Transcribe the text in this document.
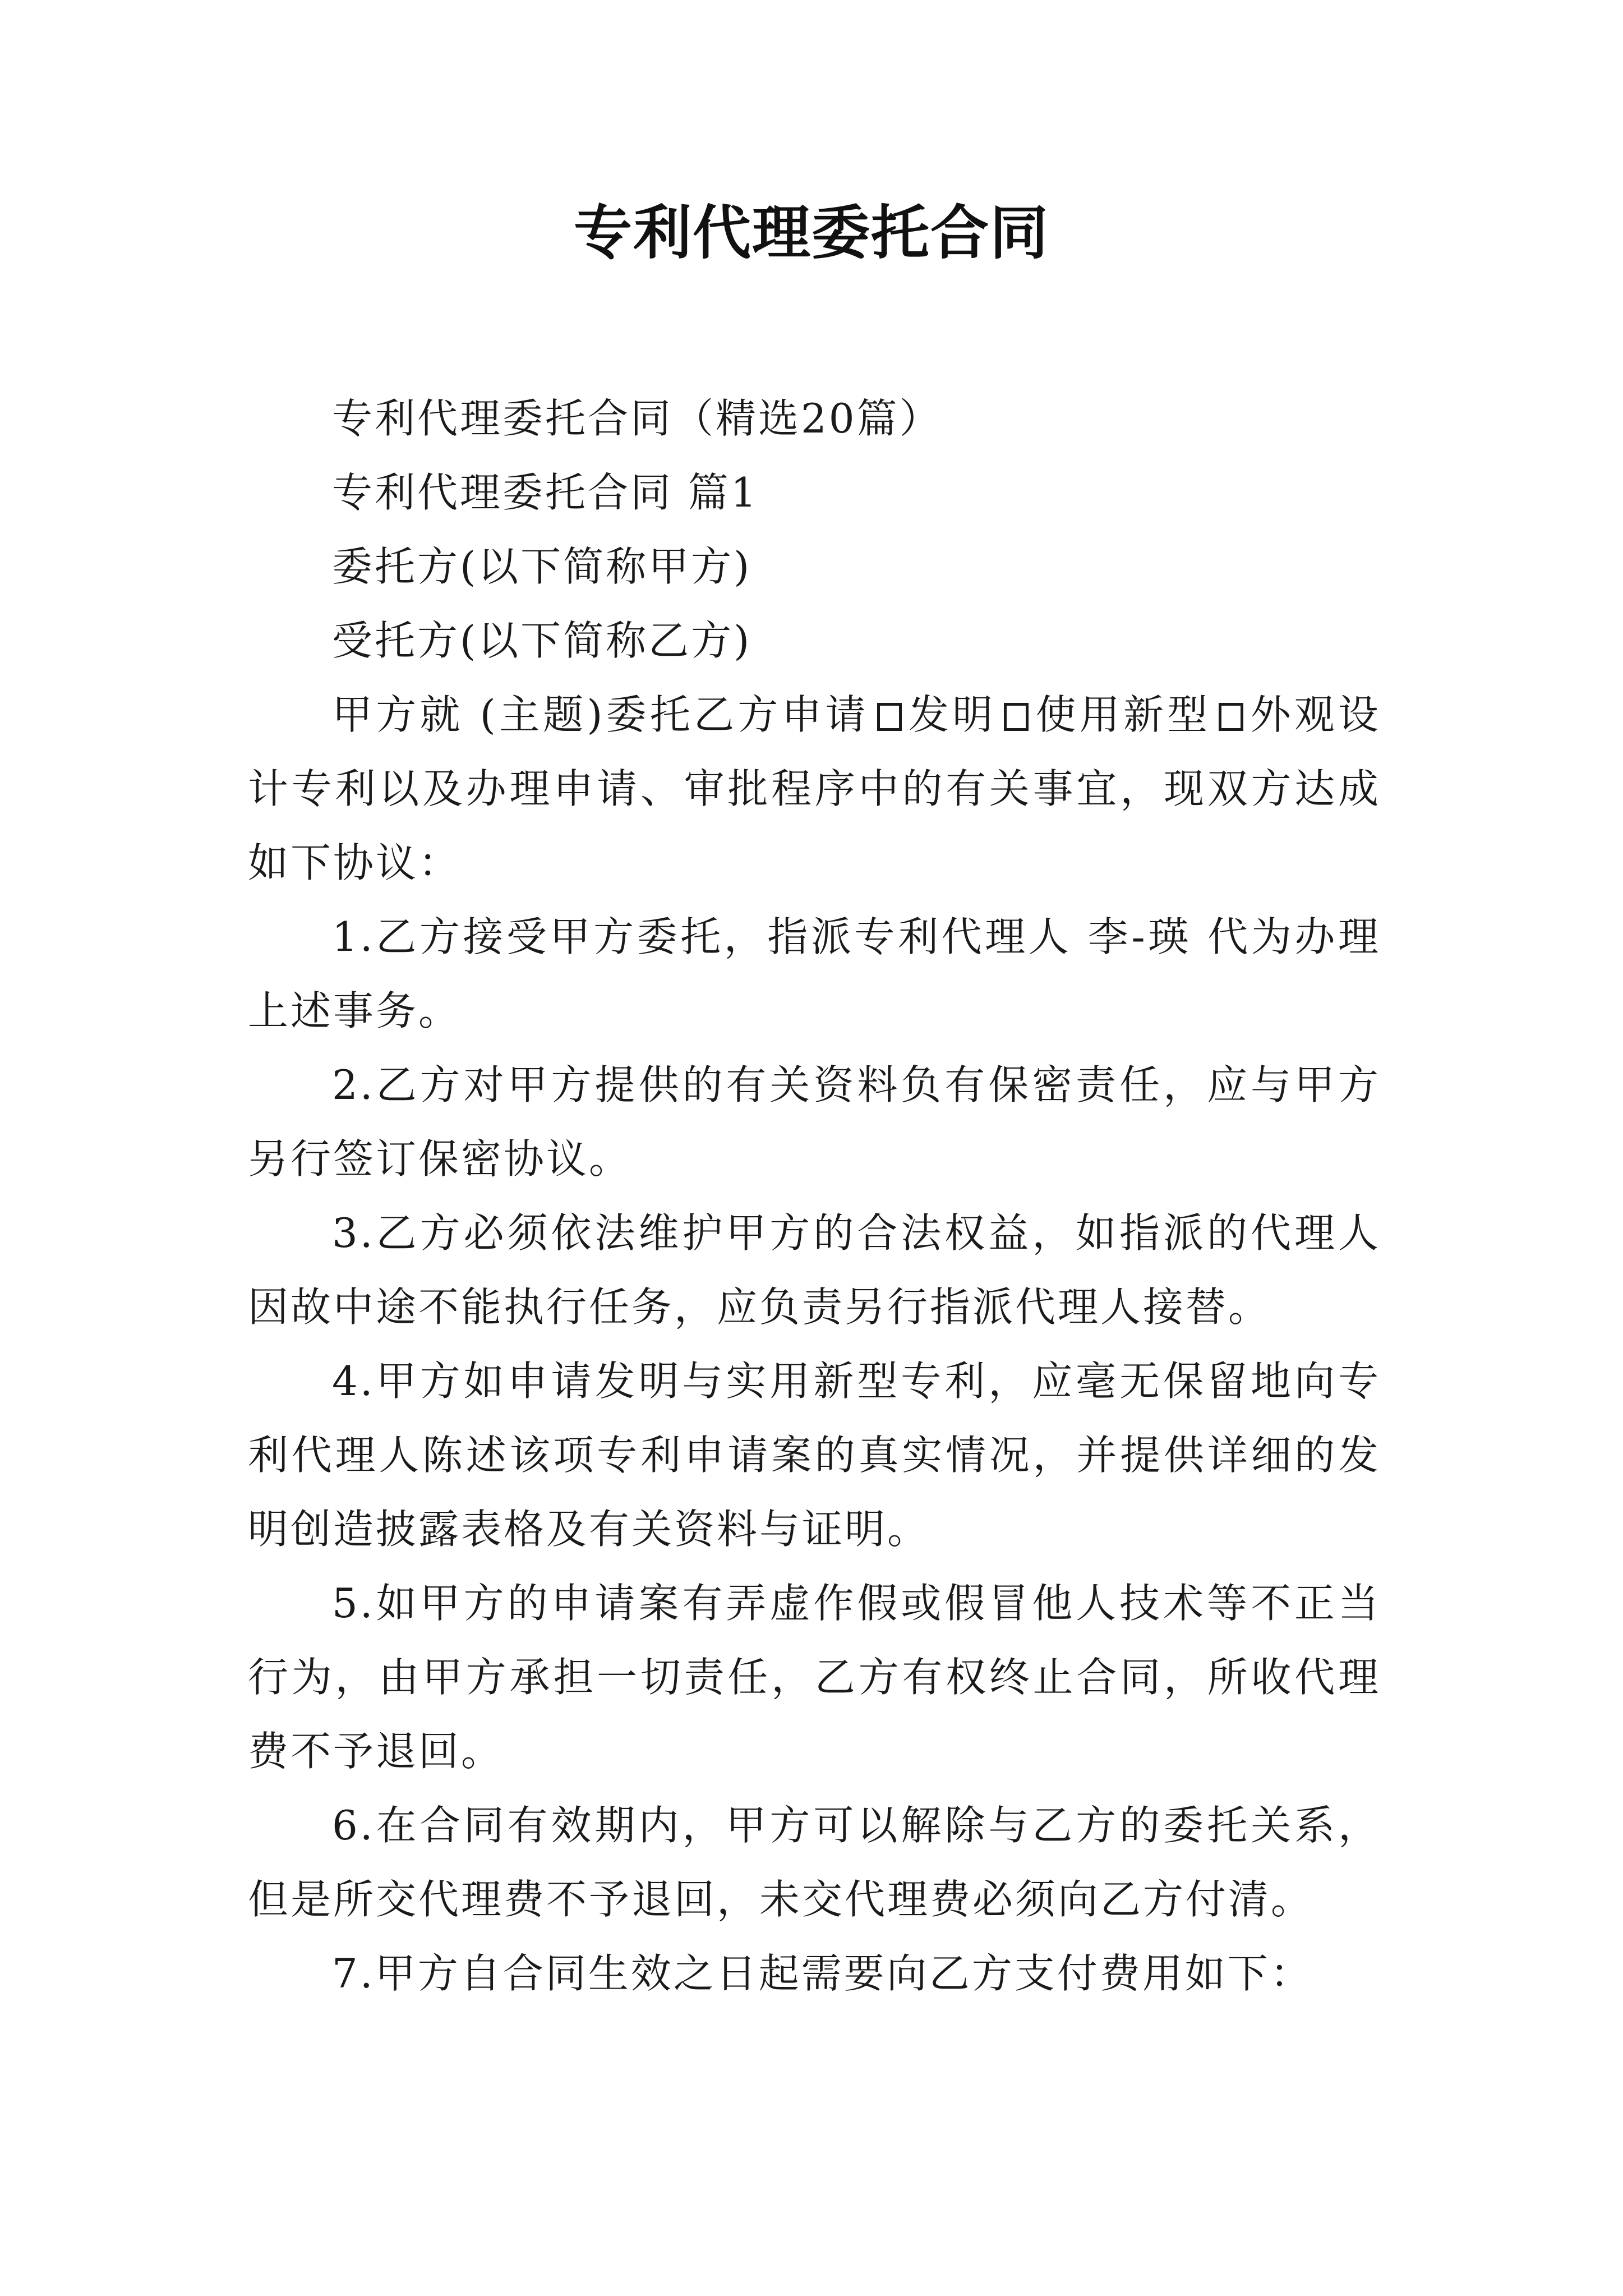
专利代理委托合同

专利代理委托合同（精选20篇）

专利代理委托合同 篇1

委托方(以下简称甲方)

受托方(以下简称乙方)

甲方就 (主题)委托乙方申请 发明 使用新型 外观设计专利以及办理申请、审批程序中的有关事宜，现双方达成如下协议：

1.乙方接受甲方委托，指派专利代理人 李-瑛 代为办理上述事务。

2.乙方对甲方提供的有关资料负有保密责任，应与甲方另行签订保密协议。

3.乙方必须依法维护甲方的合法权益，如指派的代理人因故中途不能执行任务，应负责另行指派代理人接替。

4.甲方如申请发明与实用新型专利，应毫无保留地向专利代理人陈述该项专利申请案的真实情况，并提供详细的发明创造披露表格及有关资料与证明。

5.如甲方的申请案有弄虚作假或假冒他人技术等不正当行为，由甲方承担一切责任，乙方有权终止合同，所收代理费不予退回。

6.在合同有效期内，甲方可以解除与乙方的委托关系，但是所交代理费不予退回，未交代理费必须向乙方付清。

7.甲方自合同生效之日起需要向乙方支付费用如下：
